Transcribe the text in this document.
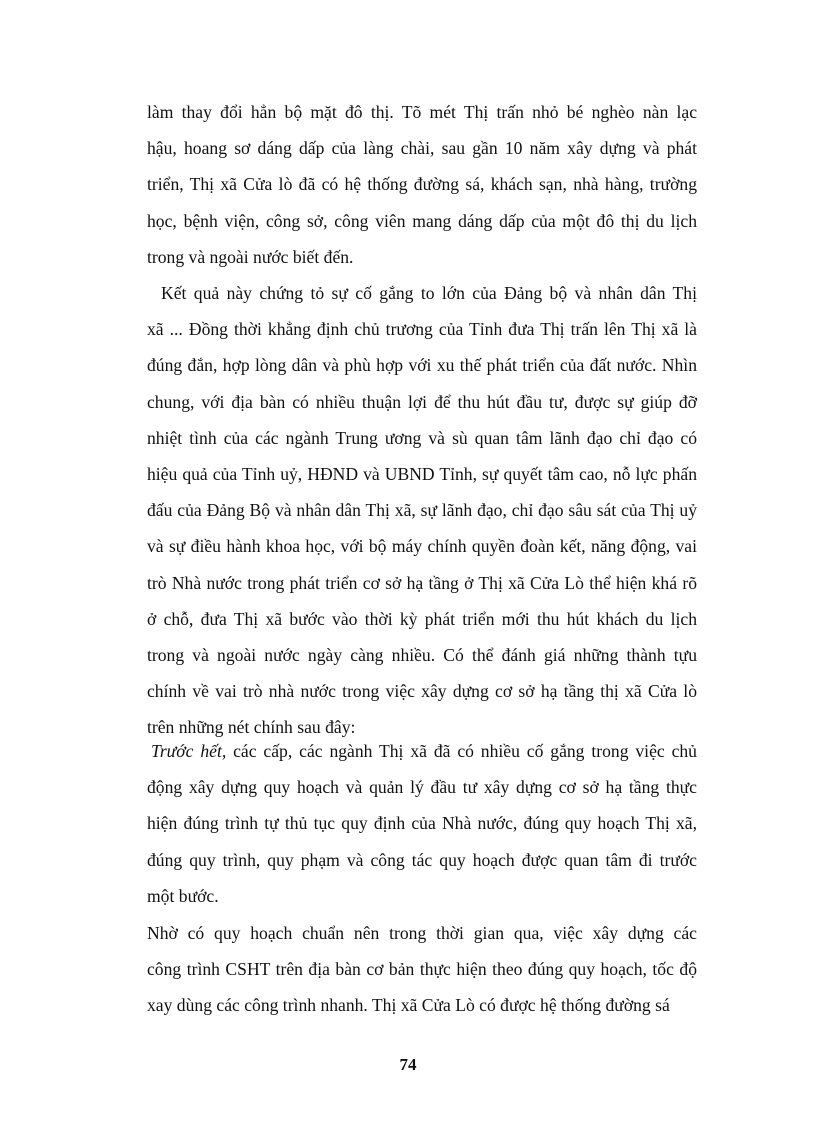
làm thay đổi hẳn bộ mặt đô thị. Tõ mét Thị trấn nhỏ bé nghèo nàn lạc
hậu, hoang sơ dáng dấp của làng chài, sau gần 10 năm xây dựng và phát
triển, Thị xã Cửa lò đã có hệ thống đường sá, khách sạn, nhà hàng, trường
học, bệnh viện, công sở, công viên mang dáng dấp của một đô thị du lịch
trong và ngoài nước biết đến.
Kết quả này chứng tỏ sự cố gắng to lớn của Đảng bộ và nhân dân Thị
xã ... Đồng thời khẳng định chủ trương của Tỉnh đưa Thị trấn lên Thị xã là
đúng đắn, hợp lòng dân và phù hợp với xu thế phát triển của đất nước. Nhìn
chung, với địa bàn có nhiều thuận lợi để thu hút đầu tư, được sự giúp đỡ
nhiệt tình của các ngành Trung ương và sù quan tâm lãnh đạo chỉ đạo có
hiệu quả của Tỉnh uỷ, HĐND và UBND Tỉnh, sự quyết tâm cao, nỗ lực phấn
đấu của Đảng Bộ và nhân dân Thị xã, sự lãnh đạo, chỉ đạo sâu sát của Thị uỷ
và sự điều hành khoa học, với bộ máy chính quyền đoàn kết, năng động, vai
trò Nhà nước trong phát triển cơ sở hạ tầng ở Thị xã Cửa Lò thể hiện khá rõ
ở chỗ, đưa Thị xã bước vào thời kỳ phát triển mới thu hút khách du lịch
trong và ngoài nước ngày càng nhiều. Có thể đánh giá những thành tựu
chính về vai trò nhà nước trong việc xây dựng cơ sở hạ tầng thị xã Cửa lò
trên những nét chính sau đây:
Trước hết, các cấp, các ngành Thị xã đã có nhiều cố gắng trong việc chủ
động xây dựng quy hoạch và quản lý đầu tư xây dựng cơ sở hạ tầng thực
hiện đúng trình tự thủ tục quy định của Nhà nước, đúng quy hoạch Thị xã,
đúng quy trình, quy phạm và công tác quy hoạch được quan tâm đi trước
một bước.
Nhờ có quy hoạch chuẩn nên trong thời gian qua, việc xây dựng các
công trình CSHT trên địa bàn cơ bản thực hiện theo đúng quy hoạch, tốc độ
xay dùng các công trình nhanh. Thị xã Cửa Lò có được hệ thống đường sá
74
